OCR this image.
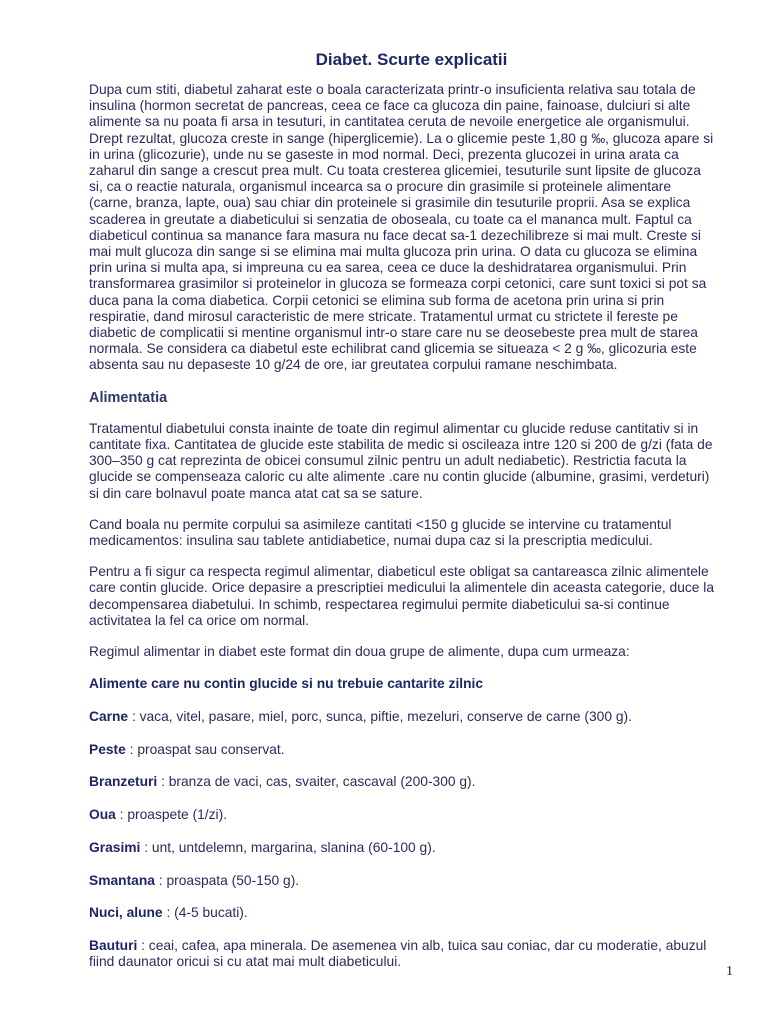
Diabet. Scurte explicatii

Dupa cum stiti, diabetul zaharat este o boala caracterizata printr-o insuficienta relativa sau totala de
insulina (hormon secretat de pancreas, ceea ce face ca glucoza din paine, fainoase, dulciuri si alte
alimente sa nu poata fi arsa in tesuturi, in cantitatea ceruta de nevoile energetice ale organismului.
Drept rezultat, glucoza creste in sange (hiperglicemie). La o glicemie peste 1,80 g ‰, glucoza apare si
in urina (glicozurie), unde nu se gaseste in mod normal. Deci, prezenta glucozei in urina arata ca
zaharul din sange a crescut prea mult. Cu toata cresterea glicemiei, tesuturile sunt lipsite de glucoza
si, ca o reactie naturala, organismul incearca sa o procure din grasimile si proteinele alimentare
(carne, branza, lapte, oua) sau chiar din proteinele si grasimile din tesuturile proprii. Asa se explica
scaderea in greutate a diabeticului si senzatia de oboseala, cu toate ca el mananca mult. Faptul ca
diabeticul continua sa manance fara masura nu face decat sa-1 dezechilibreze si mai mult. Creste si
mai mult glucoza din sange si se elimina mai multa glucoza prin urina. O data cu glucoza se elimina
prin urina si multa apa, si impreuna cu ea sarea, ceea ce duce la deshidratarea organismului. Prin
transformarea grasimilor si proteinelor in glucoza se formeaza corpi cetonici, care sunt toxici si pot sa
duca pana la coma diabetica. Corpii cetonici se elimina sub forma de acetona prin urina si prin
respiratie, dand mirosul caracteristic de mere stricate. Tratamentul urmat cu strictete il fereste pe
diabetic de complicatii si mentine organismul intr-o stare care nu se deosebeste prea mult de starea
normala. Se considera ca diabetul este echilibrat cand glicemia se situeaza < 2 g ‰, glicozuria este
absenta sau nu depaseste 10 g/24 de ore, iar greutatea corpului ramane neschimbata.

Alimentatia

Tratamentul diabetului consta inainte de toate din regimul alimentar cu glucide reduse cantitativ si in
cantitate fixa. Cantitatea de glucide este stabilita de medic si oscileaza intre 120 si 200 de g/zi (fata de
300–350 g cat reprezinta de obicei consumul zilnic pentru un adult nediabetic). Restrictia facuta la
glucide se compenseaza caloric cu alte alimente .care nu contin glucide (albumine, grasimi, verdeturi)
si din care bolnavul poate manca atat cat sa se sature.

Cand boala nu permite corpului sa asimileze cantitati <150 g glucide se intervine cu tratamentul
medicamentos: insulina sau tablete antidiabetice, numai dupa caz si la prescriptia medicului.

Pentru a fi sigur ca respecta regimul alimentar, diabeticul este obligat sa cantareasca zilnic alimentele
care contin glucide. Orice depasire a prescriptiei medicului la alimentele din aceasta categorie, duce la
decompensarea diabetului. In schimb, respectarea regimului permite diabeticului sa-si continue
activitatea la fel ca orice om normal.

Regimul alimentar in diabet este format din doua grupe de alimente, dupa cum urmeaza:

Alimente care nu contin glucide si nu trebuie cantarite zilnic

Carne : vaca, vitel, pasare, miel, porc, sunca, piftie, mezeluri, conserve de carne (300 g).

Peste : proaspat sau conservat.

Branzeturi : branza de vaci, cas, svaiter, cascaval (200-300 g).

Oua : proaspete (1/zi).

Grasimi : unt, untdelemn, margarina, slanina (60-100 g).

Smantana : proaspata (50-150 g).

Nuci, alune : (4-5 bucati).

Bauturi : ceai, cafea, apa minerala. De asemenea vin alb, tuica sau coniac, dar cu moderatie, abuzul
fiind daunator oricui si cu atat mai mult diabeticului.

1
